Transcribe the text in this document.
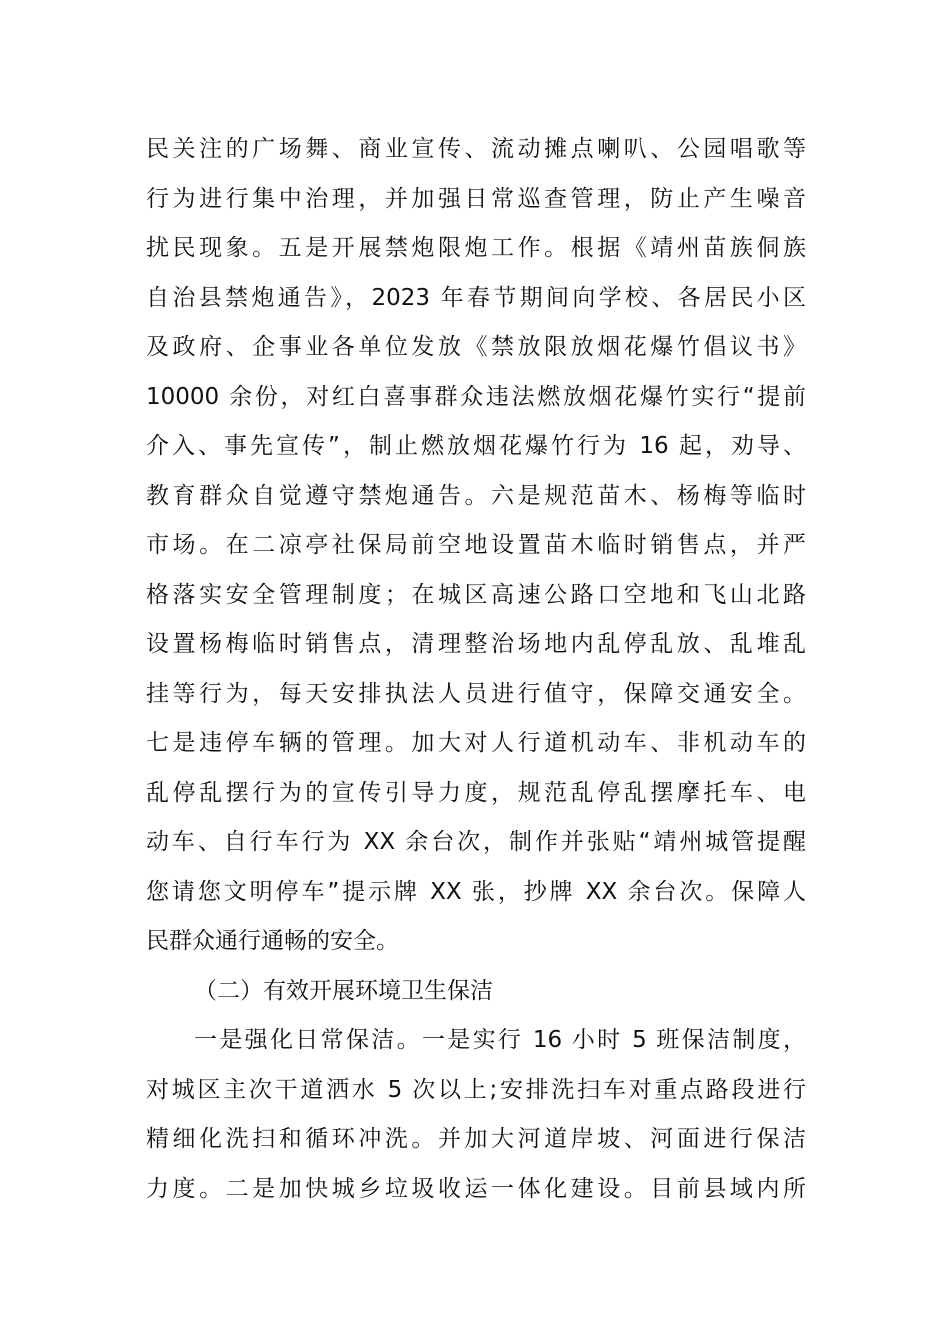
民关注的广场舞、商业宣传、流动摊点喇叭、公园唱歌等
行为进行集中治理，并加强日常巡查管理，防止产生噪音
扰民现象。五是开展禁炮限炮工作。根据《靖州苗族侗族
自治县禁炮通告》，2023 年春节期间向学校、各居民小区
及政府、企事业各单位发放《禁放限放烟花爆竹倡议书》
10000 余份，对红白喜事群众违法燃放烟花爆竹实行“提前
介入、事先宣传”，制止燃放烟花爆竹行为 16 起，劝导、
教育群众自觉遵守禁炮通告。六是规范苗木、杨梅等临时
市场。在二凉亭社保局前空地设置苗木临时销售点，并严
格落实安全管理制度；在城区高速公路口空地和飞山北路
设置杨梅临时销售点，清理整治场地内乱停乱放、乱堆乱
挂等行为，每天安排执法人员进行值守，保障交通安全。
七是违停车辆的管理。加大对人行道机动车、非机动车的
乱停乱摆行为的宣传引导力度，规范乱停乱摆摩托车、电
动车、自行车行为 XX 余台次，制作并张贴“靖州城管提醒
您请您文明停车”提示牌 XX 张，抄牌 XX 余台次。保障人
民群众通行通畅的安全。
（二）有效开展环境卫生保洁
一是强化日常保洁。一是实行 16 小时 5 班保洁制度，
对城区主次干道洒水 5 次以上;安排洗扫车对重点路段进行
精细化洗扫和循环冲洗。并加大河道岸坡、河面进行保洁
力度。二是加快城乡垃圾收运一体化建设。目前县域内所
